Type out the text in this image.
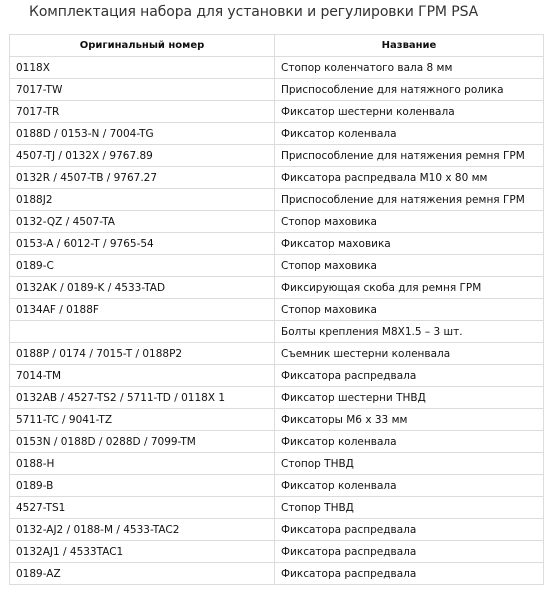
Комплектация набора для установки и регулировки ГРМ PSA
Оригинальный номер	Название
0118X	Стопор коленчатого вала 8 мм
7017-TW	Приспособление для натяжного ролика
7017-TR	Фиксатор шестерни коленвала
0188D / 0153-N / 7004-TG	Фиксатор коленвала
4507-TJ / 0132X / 9767.89	Приспособление для натяжения ремня ГРМ
0132R / 4507-TB / 9767.27	Фиксатора распредвала M10 x 80 мм
0188J2	Приспособление для натяжения ремня ГРМ
0132-QZ / 4507-TA	Стопор маховика
0153-A / 6012-T / 9765-54	Фиксатор маховика
0189-C	Стопор маховика
0132AK / 0189-K / 4533-TAD	Фиксирующая скоба для ремня ГРМ
0134AF / 0188F	Стопор маховика
	Болты крепления M8X1.5 – 3 шт.
0188P / 0174 / 7015-T / 0188P2	Съемник шестерни коленвала
7014-TM	Фиксатора распредвала
0132AB / 4527-TS2 / 5711-TD / 0118X 1	Фиксатор шестерни ТНВД
5711-TC / 9041-TZ	Фиксаторы M6 x 33 мм
0153N / 0188D / 0288D / 7099-TM	Фиксатор коленвала
0188-H	Стопор ТНВД
0189-B	Фиксатор коленвала
4527-TS1	Стопор ТНВД
0132-AJ2 / 0188-M / 4533-TAC2	Фиксатора распредвала
0132AJ1 / 4533TAC1	Фиксатора распредвала
0189-AZ	Фиксатора распредвала
